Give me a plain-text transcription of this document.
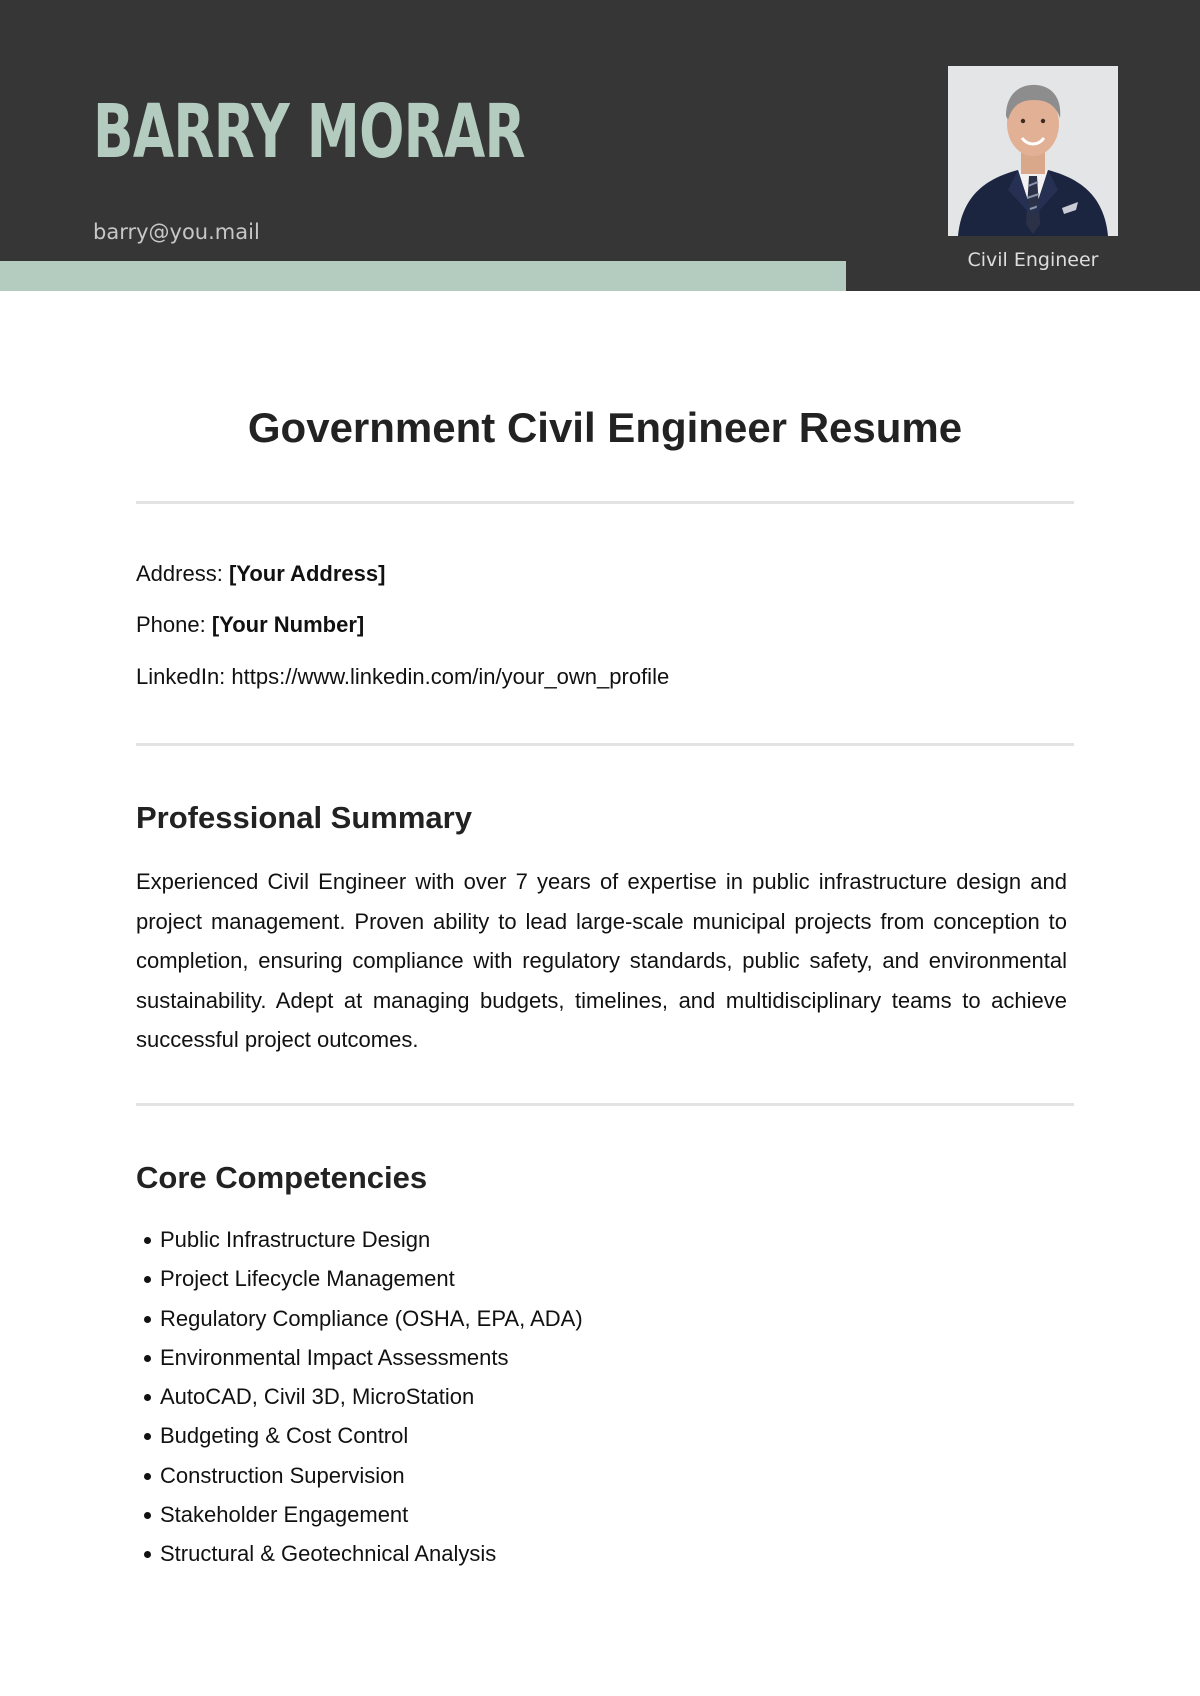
BARRY MORAR
barry@you.mail
Civil Engineer
Government Civil Engineer Resume
Address: [Your Address]
Phone: [Your Number]
LinkedIn: https://www.linkedin.com/in/your_own_profile
Professional Summary
Experienced Civil Engineer with over 7 years of expertise in public infrastructure design and project management. Proven ability to lead large-scale municipal projects from conception to completion, ensuring compliance with regulatory standards, public safety, and environmental sustainability. Adept at managing budgets, timelines, and multidisciplinary teams to achieve successful project outcomes.
Core Competencies
Public Infrastructure Design
Project Lifecycle Management
Regulatory Compliance (OSHA, EPA, ADA)
Environmental Impact Assessments
AutoCAD, Civil 3D, MicroStation
Budgeting & Cost Control
Construction Supervision
Stakeholder Engagement
Structural & Geotechnical Analysis
